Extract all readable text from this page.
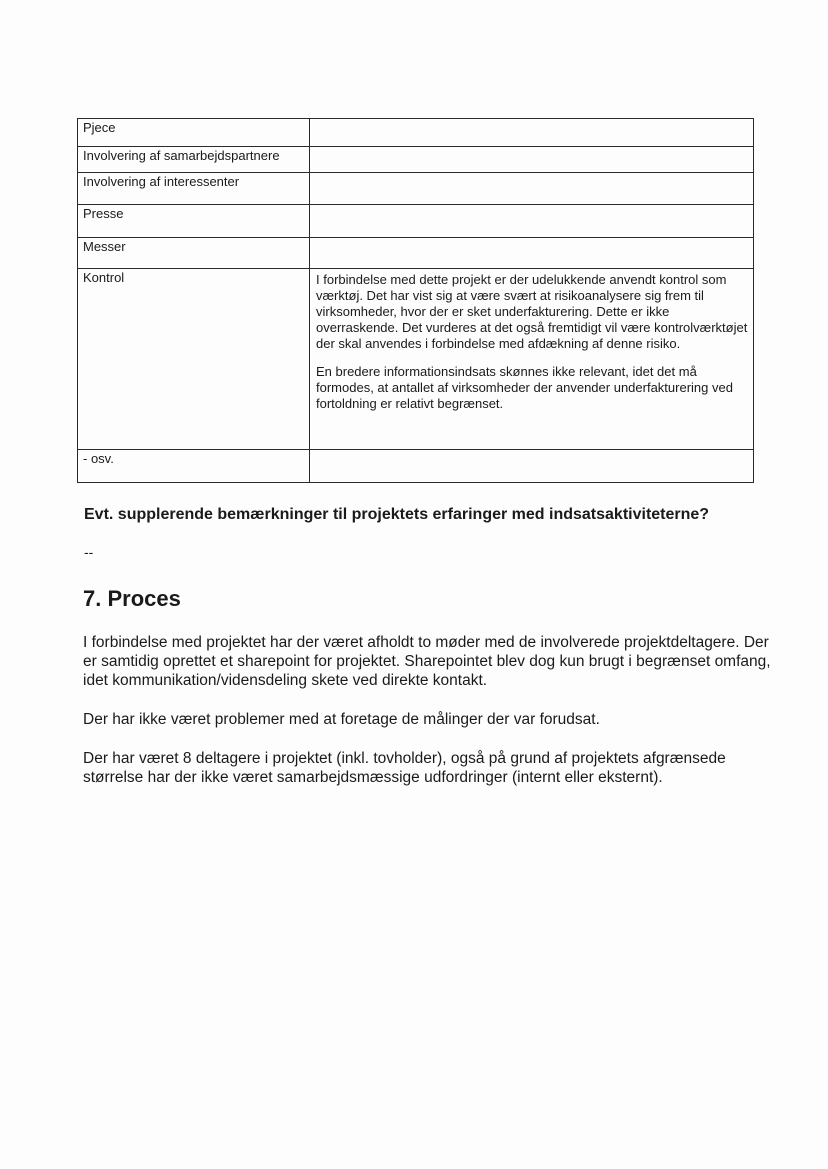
Pjece	
Involvering af samarbejdspartnere	
Involvering af interessenter	
Presse	
Messer	
Kontrol	I forbindelse med dette projekt er der udelukkende anvendt kontrol som værktøj. Det har vist sig at være svært at risikoanalysere sig frem til virksomheder, hvor der er sket underfakturering. Dette er ikke overraskende. Det vurderes at det også fremtidigt vil være kontrolværktøjet der skal anvendes i forbindelse med afdækning af denne risiko.

En bredere informationsindsats skønnes ikke relevant, idet det må formodes, at antallet af virksomheder der anvender underfakturering ved fortoldning er relativt begrænset.

- osv.	

Evt. supplerende bemærkninger til projektets erfaringer med indsatsaktiviteterne?

--

7. Proces

I forbindelse med projektet har der været afholdt to møder med de involverede projektdeltagere. Der er samtidig oprettet et sharepoint for projektet. Sharepointet blev dog kun brugt i begrænset omfang, idet kommunikation/vidensdeling skete ved direkte kontakt.

Der har ikke været problemer med at foretage de målinger der var forudsat.

Der har været 8 deltagere i projektet (inkl. tovholder), også på grund af projektets afgrænsede størrelse har der ikke været samarbejdsmæssige udfordringer (internt eller eksternt).
